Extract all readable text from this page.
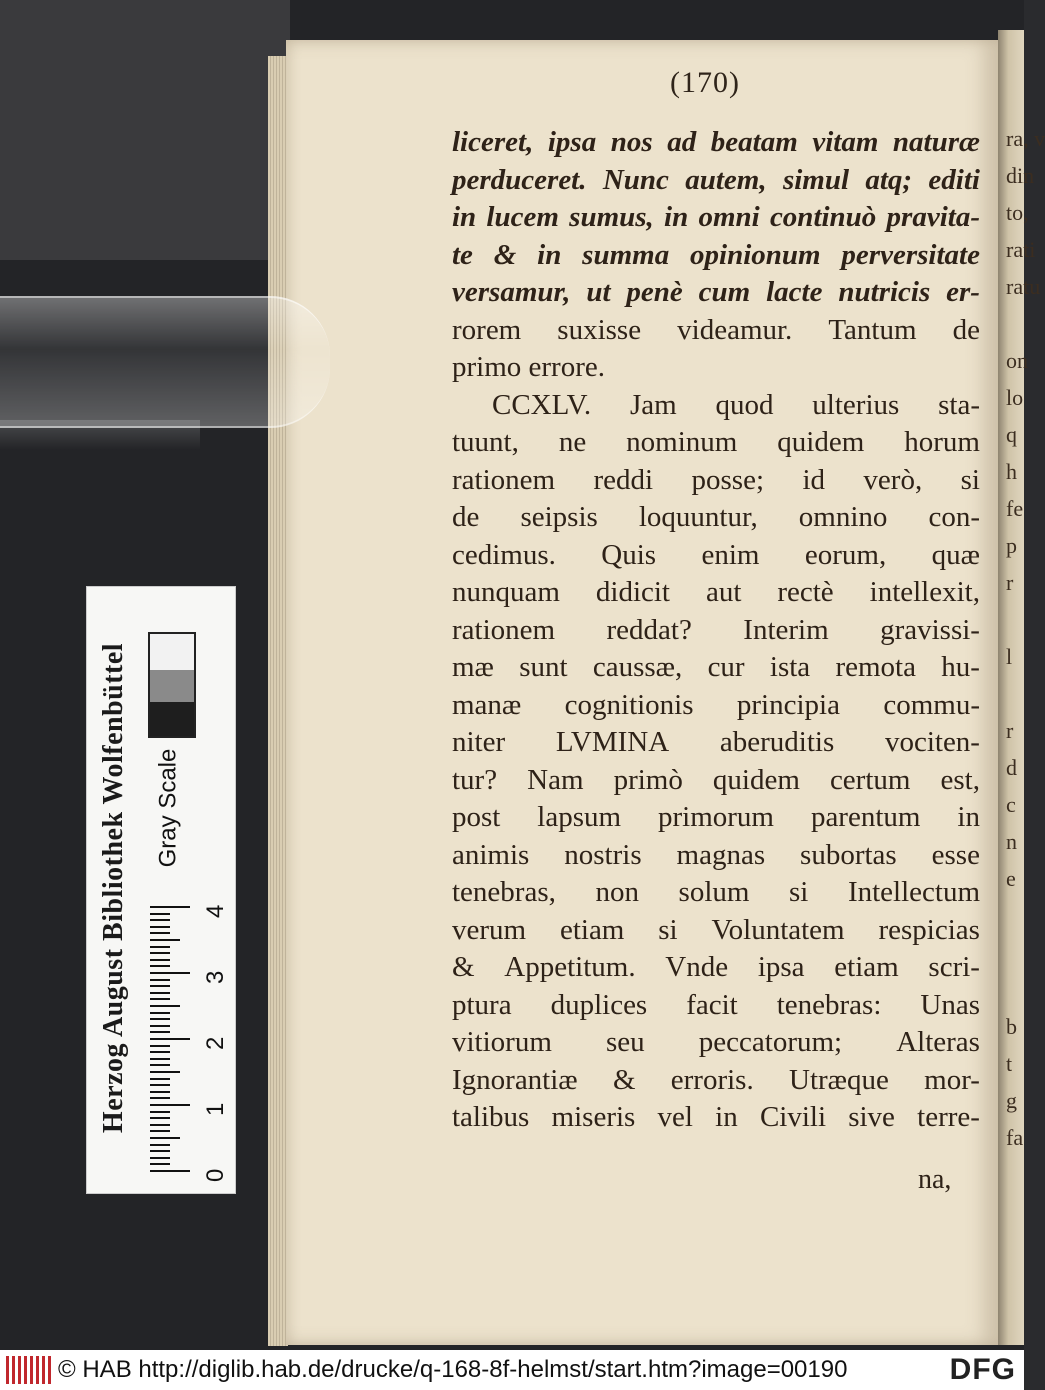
ra, v
din
to,
rati
ratu

on
lo
q
h
fe
p
r

l

r
d
c
n
e

b
t
g
fa
(170)
liceret, ipsa nos ad beatam vitam naturæ
perduceret. Nunc autem, simul atq; editi
in lucem sumus, in omni continuò pravita-
te & in summa opinionum perversitate
versamur, ut penè cum lacte nutricis er-
rorem suxisse videamur. Tantum de
primo errore.
CCXLV. Jam quod ulterius sta-
tuunt, ne nominum quidem horum
rationem reddi posse; id verò, si
de seipsis loquuntur, omnino con-
cedimus. Quis enim eorum, quæ
nunquam didicit aut rectè intellexit,
rationem reddat? Interim gravissi-
mæ sunt caussæ, cur ista remota hu-
manæ cognitionis principia commu-
niter LVMINA aberuditis vociten-
tur? Nam primò quidem certum est,
post lapsum primorum parentum in
animis nostris magnas subortas esse
tenebras, non solum si Intellectum
verum etiam si Voluntatem respicias
& Appetitum. Vnde ipsa etiam scri-
ptura duplices facit tenebras: Unas
vitiorum seu peccatorum; Alteras
Ignorantiæ & erroris. Utræque mor-
talibus miseris vel in Civili sive terre-
na,
Herzog August Bibliothek Wolfenbüttel Gray Scale
0
1
2
3
4
© HAB http://diglib.hab.de/drucke/q-168-8f-helmst/start.htm?image=00190	DFG
